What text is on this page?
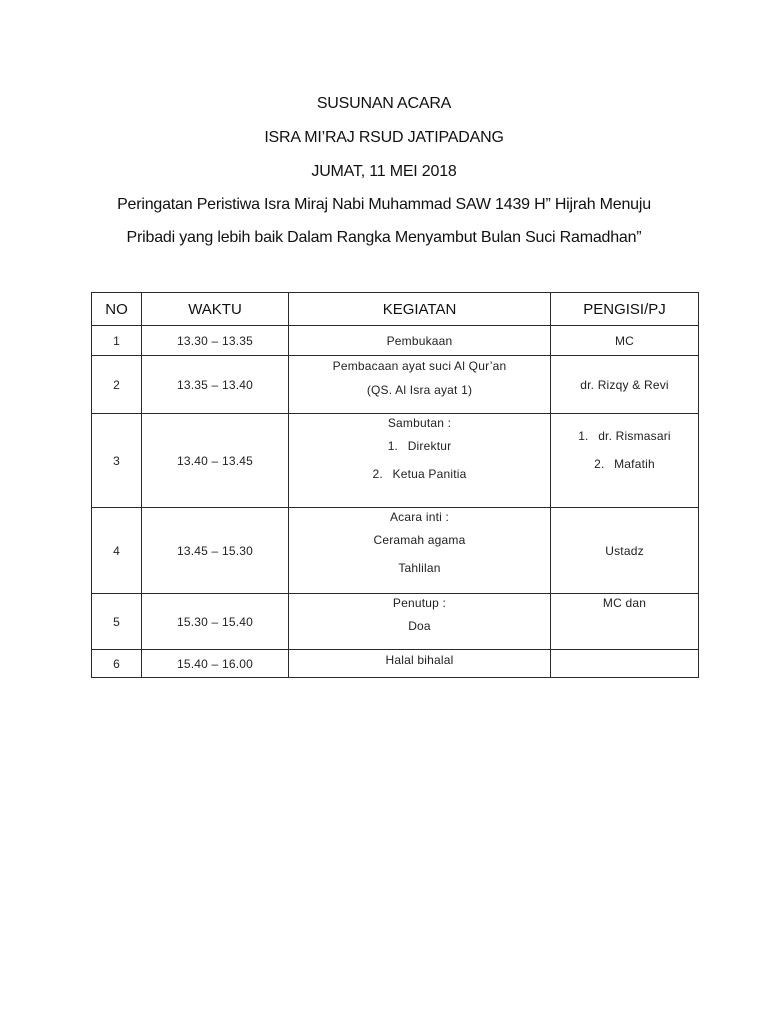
SUSUNAN ACARA
ISRA MI’RAJ RSUD JATIPADANG
JUMAT, 11 MEI 2018
Peringatan Peristiwa Isra Miraj Nabi Muhammad SAW 1439 H” Hijrah Menuju
Pribadi yang lebih baik Dalam Rangka Menyambut Bulan Suci Ramadhan”
NO	WAKTU	KEGIATAN	PENGISI/PJ
1	13.30 – 13.35	Pembukaan	MC

2	13.35 – 13.40	Pembacaan ayat suci Al Qur’an
(QS. Al Isra ayat 1)	dr. Rizqy & Revi

3	13.40 – 13.45	Sambutan :
1. Direktur
2. Ketua Panitia	1. dr. Rismasari
2. Mafatih

4	13.45 – 15.30	Acara inti :
Ceramah agama
Tahlilan	Ustadz

5	15.30 – 15.40	Penutup :
Doa	MC dan

6	15.40 – 16.00	Halal bihalal	
